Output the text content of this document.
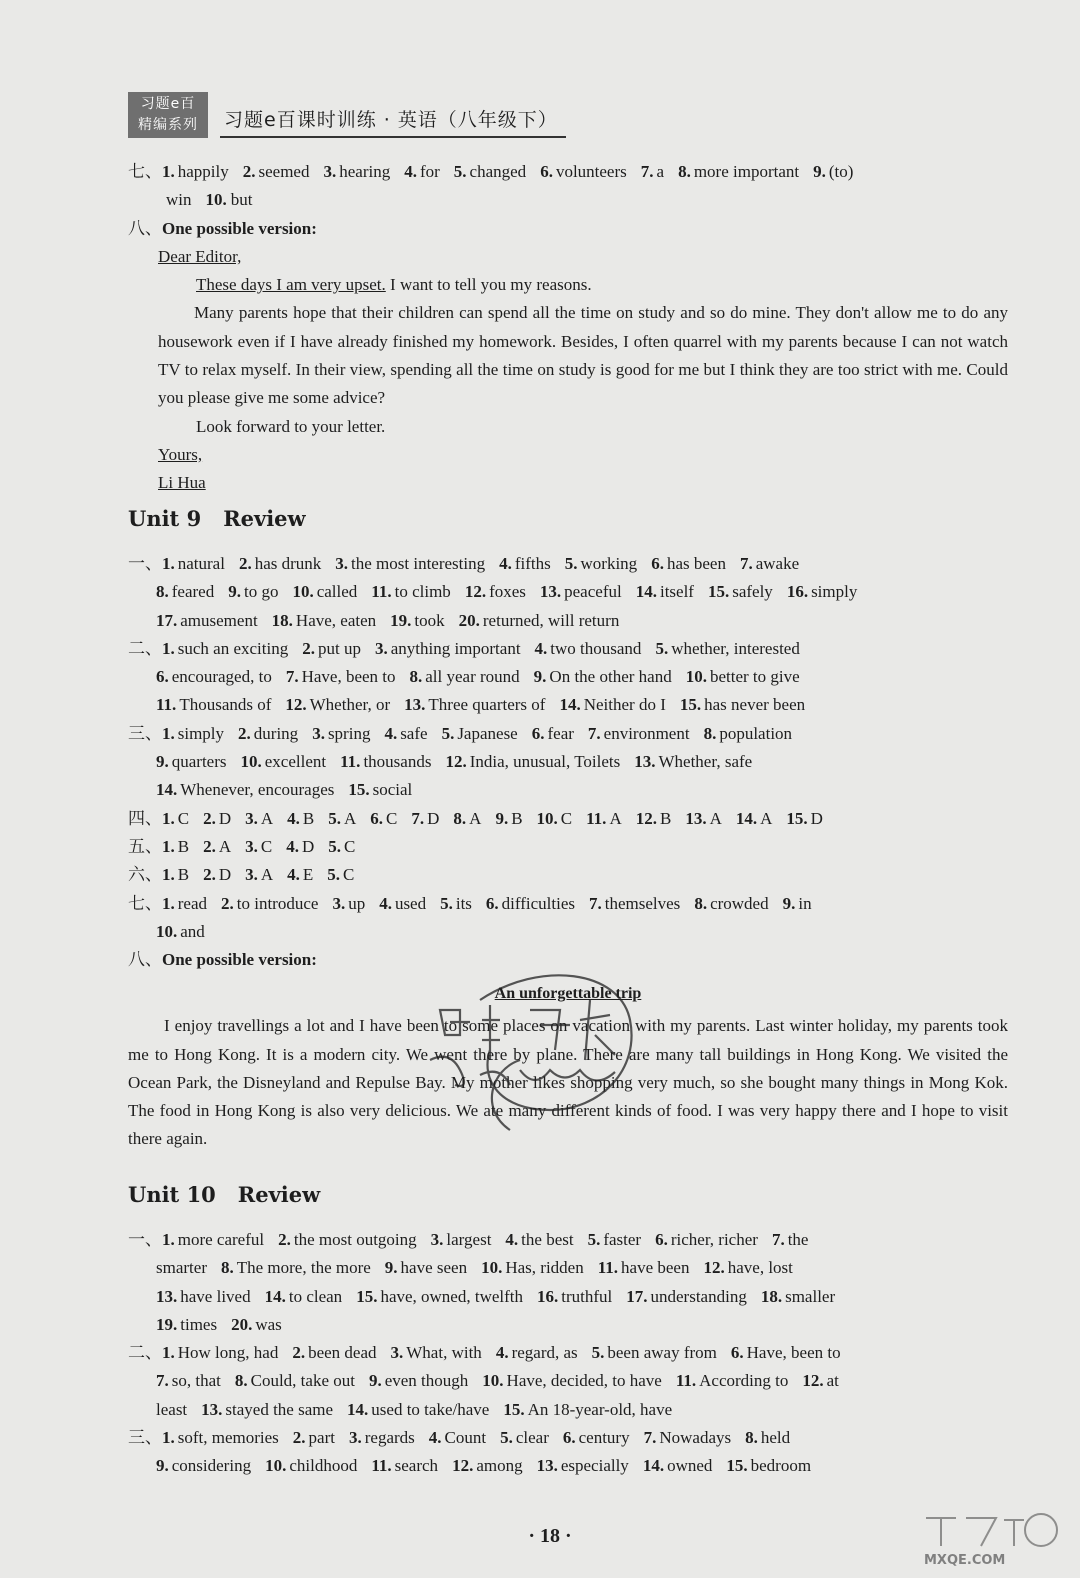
习题e百
精编系列	习题e百课时训练 · 英语（八年级下）
七、1. happily 2. seemed 3. hearing 4. for 5. changed 6. volunteers 7. a 8. more important 9. (to)
win 10. but
八、One possible version:
Dear Editor,
These days I am very upset. I want to tell you my reasons.

Many parents hope that their children can spend all the time on study and so do mine. They don't allow me to do any housework even if I have already finished my homework. Besides, I often quarrel with my parents because I can not watch TV to relax myself. In their view, spending all the time on study is good for me but I think they are too strict with me. Could you please give me some advice?

Look forward to your letter.
Yours,
Li Hua
Unit 9 Review
一、1. natural 2. has drunk 3. the most interesting 4. fifths 5. working 6. has been 7. awake
8. feared 9. to go 10. called 11. to climb 12. foxes 13. peaceful 14. itself 15. safely 16. simply
17. amusement 18. Have, eaten 19. took 20. returned, will return
二、1. such an exciting 2. put up 3. anything important 4. two thousand 5. whether, interested
6. encouraged, to 7. Have, been to 8. all year round 9. On the other hand 10. better to give
11. Thousands of 12. Whether, or 13. Three quarters of 14. Neither do I 15. has never been
三、1. simply 2. during 3. spring 4. safe 5. Japanese 6. fear 7. environment 8. population
9. quarters 10. excellent 11. thousands 12. India, unusual, Toilets 13. Whether, safe
14. Whenever, encourages 15. social
四、1. C 2. D 3. A 4. B 5. A 6. C 7. D 8. A 9. B 10. C 11. A 12. B 13. A 14. A 15. D
五、1. B 2. A 3. C 4. D 5. C
六、1. B 2. D 3. A 4. E 5. C
七、1. read 2. to introduce 3. up 4. used 5. its 6. difficulties 7. themselves 8. crowded 9. in
10. and
八、One possible version:
An unforgettable trip

I enjoy travellings a lot and I have been to some places on vacation with my parents. Last winter holiday, my parents took me to Hong Kong. It is a modern city. We went there by plane. There are many tall buildings in Hong Kong. We visited the Ocean Park, the Disneyland and Repulse Bay. My mother likes shopping very much, so she bought many things in Mong Kok. The food in Hong Kong is also very delicious. We ate many different kinds of food. I was very happy there and I hope to visit there again.

Unit 10 Review
一、1. more careful 2. the most outgoing 3. largest 4. the best 5. faster 6. richer, richer 7. the
smarter 8. The more, the more 9. have seen 10. Has, ridden 11. have been 12. have, lost
13. have lived 14. to clean 15. have, owned, twelfth 16. truthful 17. understanding 18. smaller
19. times 20. was
二、1. How long, had 2. been dead 3. What, with 4. regard, as 5. been away from 6. Have, been to
7. so, that 8. Could, take out 9. even though 10. Have, decided, to have 11. According to 12. at
least 13. stayed the same 14. used to take/have 15. An 18-year-old, have
三、1. soft, memories 2. part 3. regards 4. Count 5. clear 6. century 7. Nowadays 8. held
9. considering 10. childhood 11. search 12. among 13. especially 14. owned 15. bedroom
· 18 ·
互助文档 hzwdoc.com
MXQE.COM
答案圈 MXQE.COM
